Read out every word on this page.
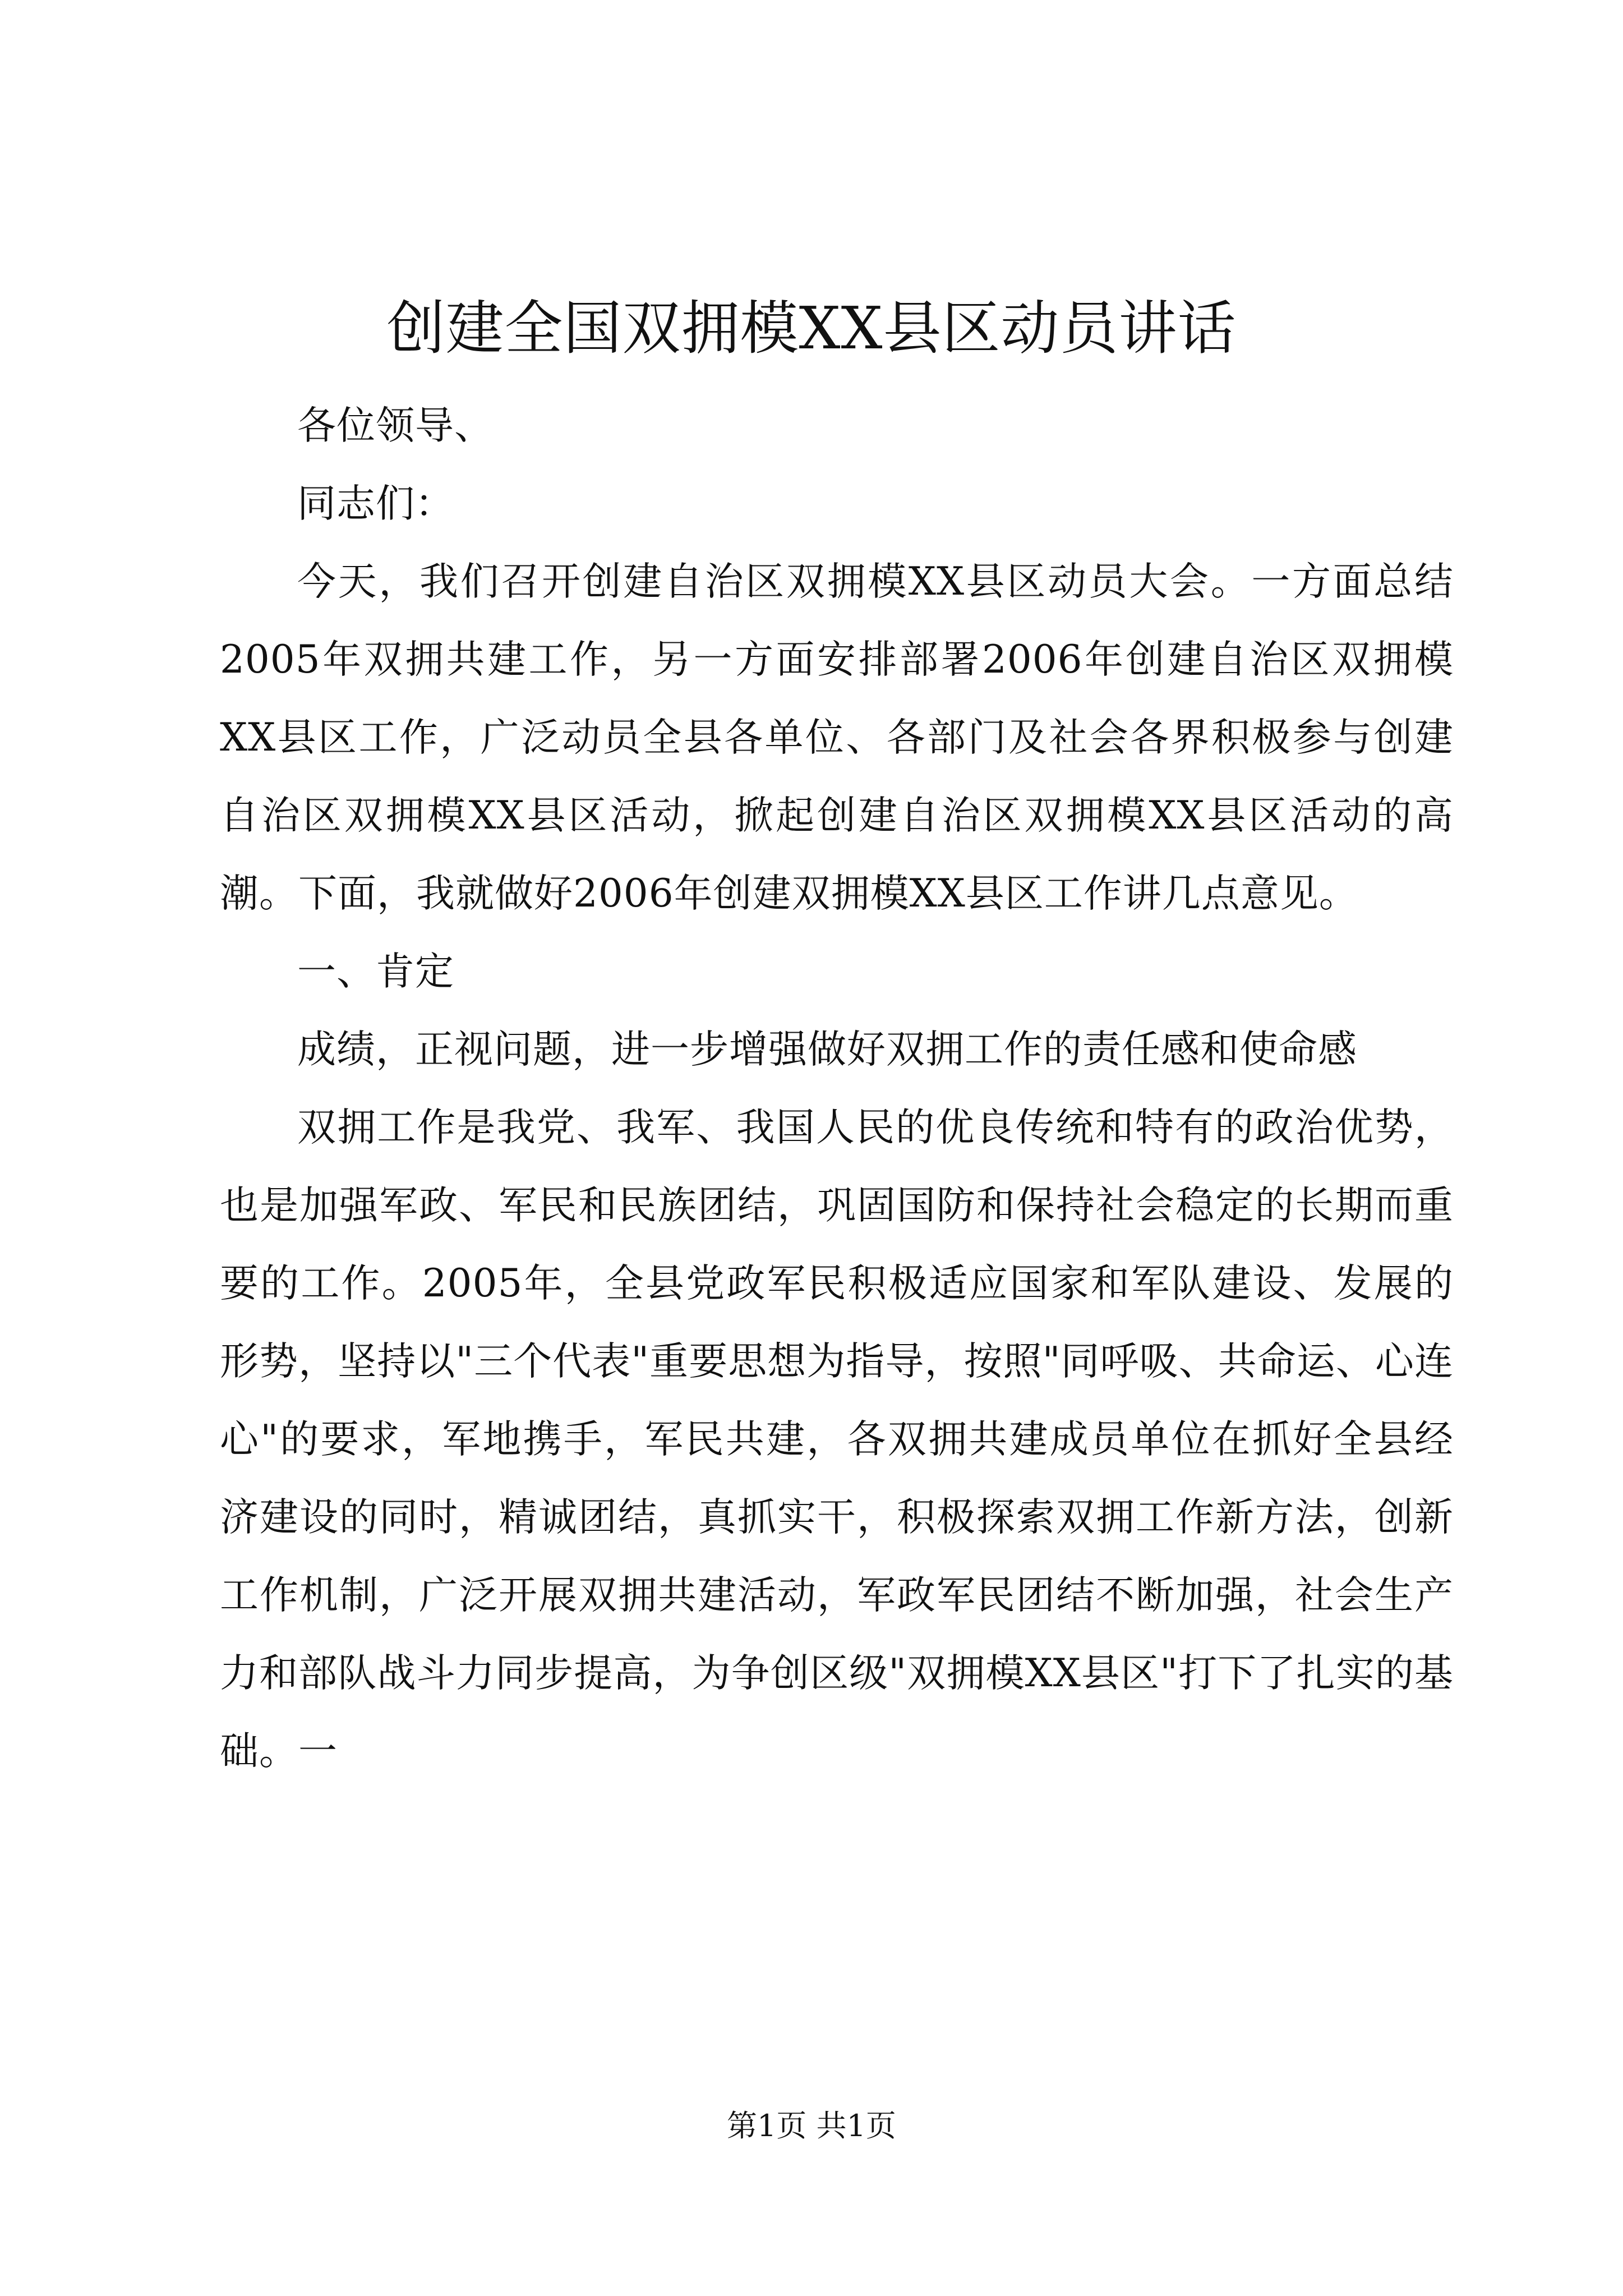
创建全国双拥模XX县区动员讲话

各位领导、

同志们：

今天，我们召开创建自治区双拥模XX县区动员大会。一方面总结2005年双拥共建工作，另一方面安排部署2006年创建自治区双拥模XX县区工作，广泛动员全县各单位、各部门及社会各界积极参与创建自治区双拥模XX县区活动，掀起创建自治区双拥模XX县区活动的高潮。下面，我就做好2006年创建双拥模XX县区工作讲几点意见。

一、肯定

成绩，正视问题，进一步增强做好双拥工作的责任感和使命感

双拥工作是我党、我军、我国人民的优良传统和特有的政治优势，也是加强军政、军民和民族团结，巩固国防和保持社会稳定的长期而重要的工作。2005年，全县党政军民积极适应国家和军队建设、发展的形势，坚持以"三个代表"重要思想为指导，按照"同呼吸、共命运、心连心"的要求，军地携手，军民共建，各双拥共建成员单位在抓好全县经济建设的同时，精诚团结，真抓实干，积极探索双拥工作新方法，创新工作机制，广泛开展双拥共建活动，军政军民团结不断加强，社会生产力和部队战斗力同步提高，为争创区级"双拥模XX县区"打下了扎实的基础。一

第1页 共1页
